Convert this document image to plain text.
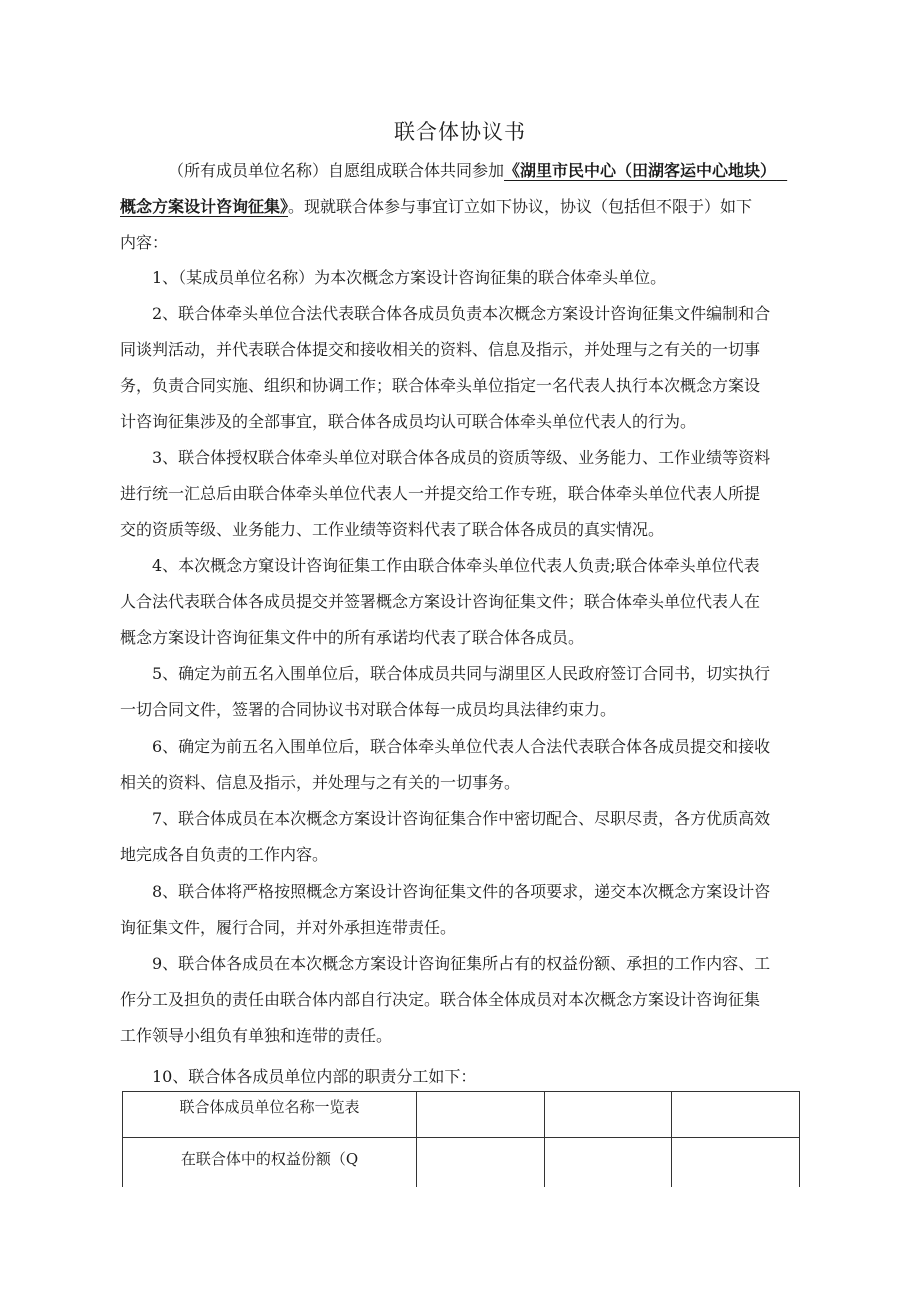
联合体协议书
（所有成员单位名称）自愿组成联合体共同参加《湖里市民中心（田湖客运中心地块）
概念方案设计咨询征集》。现就联合体参与事宜订立如下协议，协议（包括但不限于）如下
内容：
1、（某成员单位名称）为本次概念方案设计咨询征集的联合体牵头单位。
2、联合体牵头单位合法代表联合体各成员负责本次概念方案设计咨询征集文件编制和合
同谈判活动，并代表联合体提交和接收相关的资料、信息及指示，并处理与之有关的一切事
务，负责合同实施、组织和协调工作；联合体牵头单位指定一名代表人执行本次概念方案设
计咨询征集涉及的全部事宜，联合体各成员均认可联合体牵头单位代表人的行为。
3、联合体授权联合体牵头单位对联合体各成员的资质等级、业务能力、工作业绩等资料
进行统一汇总后由联合体牵头单位代表人一并提交给工作专班，联合体牵头单位代表人所提
交的资质等级、业务能力、工作业绩等资料代表了联合体各成员的真实情况。
4、本次概念方窠设计咨询征集工作由联合体牵头单位代表人负责;联合体牵头单位代表
人合法代表联合体各成员提交并签署概念方案设计咨询征集文件；联合体牵头单位代表人在
概念方案设计咨询征集文件中的所有承诺均代表了联合体各成员。
5、确定为前五名入围单位后，联合体成员共同与湖里区人民政府签订合同书，切实执行
一切合同文件，签署的合同协议书对联合体每一成员均具法律约束力。
6、确定为前五名入围单位后，联合体牵头单位代表人合法代表联合体各成员提交和接收
相关的资料、信息及指示，并处理与之有关的一切事务。
7、联合体成员在本次概念方案设计咨询征集合作中密切配合、尽职尽责，各方优质高效
地完成各自负责的工作内容。
8、联合体将严格按照概念方案设计咨询征集文件的各项要求，递交本次概念方案设计咨
询征集文件，履行合同，并对外承担连带责任。
9、联合体各成员在本次概念方案设计咨询征集所占有的权益份额、承担的工作内容、工
作分工及担负的责任由联合体内部自行决定。联合体全体成员对本次概念方案设计咨询征集
工作领导小组负有单独和连带的责任。
10、联合体各成员单位内部的职责分工如下：
联合体成员单位名称一览表			
在联合体中的权益份额（Q			
